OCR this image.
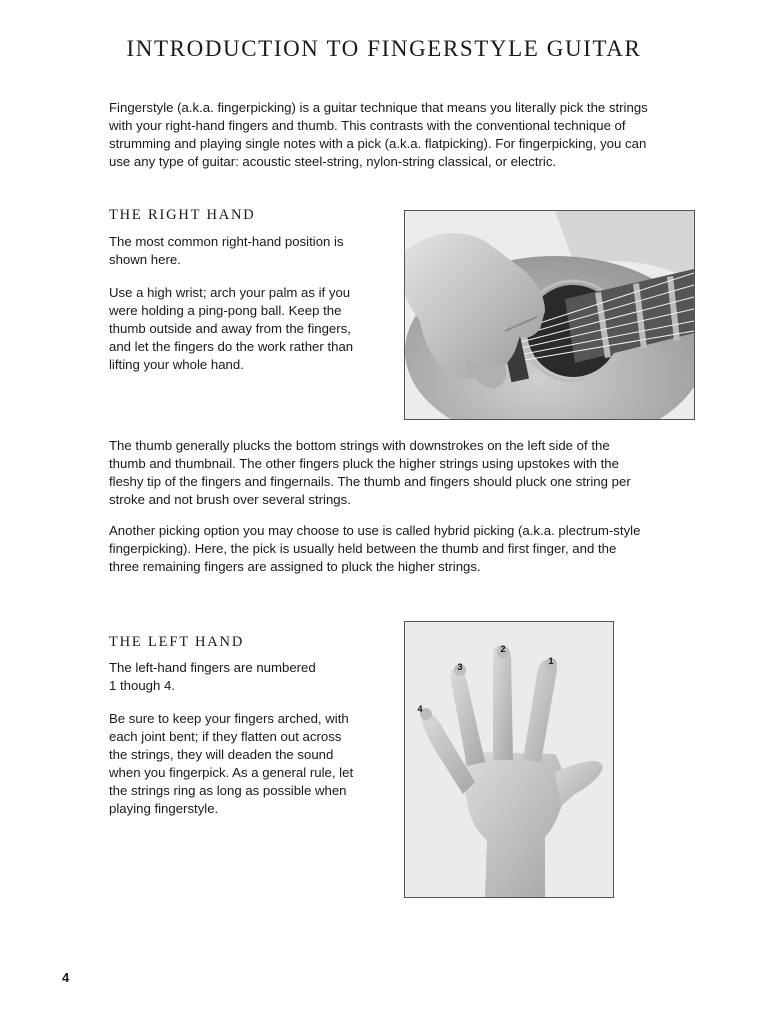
INTRODUCTION TO FINGERSTYLE GUITAR

Fingerstyle (a.k.a. fingerpicking) is a guitar technique that means you literally pick the strings
with your right-hand fingers and thumb. This contrasts with the conventional technique of
strumming and playing single notes with a pick (a.k.a. flatpicking). For fingerpicking, you can
use any type of guitar: acoustic steel-string, nylon-string classical, or electric.

THE RIGHT HAND

The most common right-hand position is
shown here.

Use a high wrist; arch your palm as if you
were holding a ping-pong ball. Keep the
thumb outside and away from the fingers,
and let the fingers do the work rather than
lifting your whole hand.

The thumb generally plucks the bottom strings with downstrokes on the left side of the
thumb and thumbnail. The other fingers pluck the higher strings using upstokes with the
fleshy tip of the fingers and fingernails. The thumb and fingers should pluck one string per
stroke and not brush over several strings.

Another picking option you may choose to use is called hybrid picking (a.k.a. plectrum-style
fingerpicking). Here, the pick is usually held between the thumb and first finger, and the
three remaining fingers are assigned to pluck the higher strings.

THE LEFT HAND

The left-hand fingers are numbered
1 though 4.

Be sure to keep your fingers arched, with
each joint bent; if they flatten out across
the strings, they will deaden the sound
when you fingerpick. As a general rule, let
the strings ring as long as possible when
playing fingerstyle.

1
2
3
4
4
